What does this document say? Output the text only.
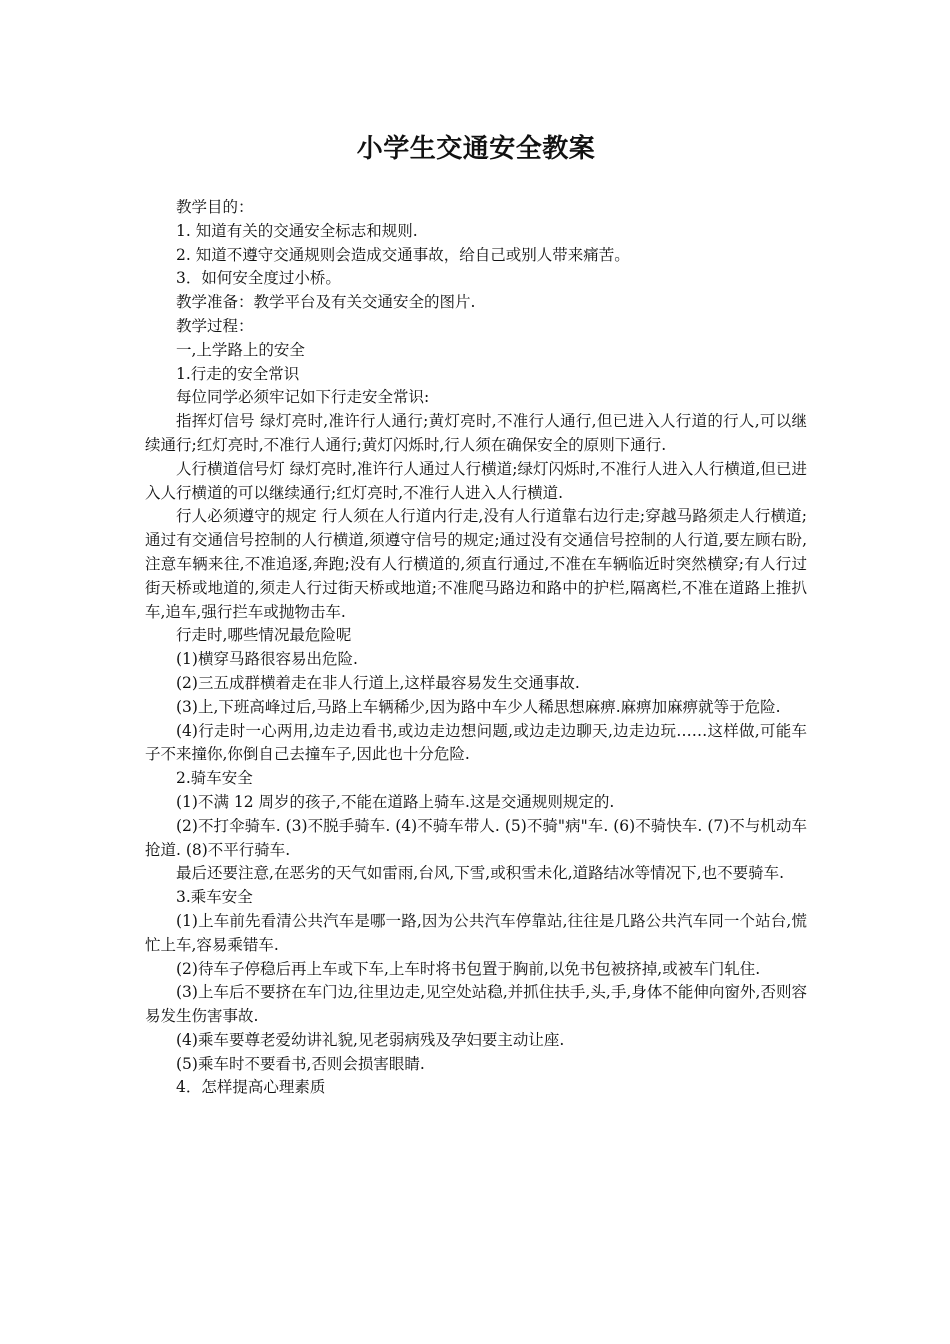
小学生交通安全教案

教学目的：

1. 知道有关的交通安全标志和规则.

2. 知道不遵守交通规则会造成交通事故，给自己或别人带来痛苦。

3．如何安全度过小桥。

教学准备：教学平台及有关交通安全的图片.

教学过程：

一,上学路上的安全

1.行走的安全常识

每位同学必须牢记如下行走安全常识:

指挥灯信号 绿灯亮时,准许行人通行;黄灯亮时,不准行人通行,但已进入人行道的行人,可以继续通行;红灯亮时,不准行人通行;黄灯闪烁时,行人须在确保安全的原则下通行.

人行横道信号灯 绿灯亮时,准许行人通过人行横道;绿灯闪烁时,不准行人进入人行横道,但已进入人行横道的可以继续通行;红灯亮时,不准行人进入人行横道.

行人必须遵守的规定 行人须在人行道内行走,没有人行道靠右边行走;穿越马路须走人行横道;通过有交通信号控制的人行横道,须遵守信号的规定;通过没有交通信号控制的人行道,要左顾右盼,注意车辆来往,不准追逐,奔跑;没有人行横道的,须直行通过,不准在车辆临近时突然横穿;有人行过街天桥或地道的,须走人行过街天桥或地道;不准爬马路边和路中的护栏,隔离栏,不准在道路上推扒车,追车,强行拦车或抛物击车.

行走时,哪些情况最危险呢

(1)横穿马路很容易出危险.

(2)三五成群横着走在非人行道上,这样最容易发生交通事故.

(3)上,下班高峰过后,马路上车辆稀少,因为路中车少人稀思想麻痹.麻痹加麻痹就等于危险.

(4)行走时一心两用,边走边看书,或边走边想问题,或边走边聊天,边走边玩……这样做,可能车子不来撞你,你倒自己去撞车子,因此也十分危险.

2.骑车安全

(1)不满 12 周岁的孩子,不能在道路上骑车.这是交通规则规定的.

(2)不打伞骑车. (3)不脱手骑车. (4)不骑车带人. (5)不骑"病"车. (6)不骑快车. (7)不与机动车抢道. (8)不平行骑车.

最后还要注意,在恶劣的天气如雷雨,台风,下雪,或积雪未化,道路结冰等情况下,也不要骑车.

3.乘车安全

(1)上车前先看清公共汽车是哪一路,因为公共汽车停靠站,往往是几路公共汽车同一个站台,慌忙上车,容易乘错车.

(2)待车子停稳后再上车或下车,上车时将书包置于胸前,以免书包被挤掉,或被车门轧住.

(3)上车后不要挤在车门边,往里边走,见空处站稳,并抓住扶手,头,手,身体不能伸向窗外,否则容易发生伤害事故.

(4)乘车要尊老爱幼讲礼貌,见老弱病残及孕妇要主动让座.

(5)乘车时不要看书,否则会损害眼睛.

4．怎样提高心理素质
